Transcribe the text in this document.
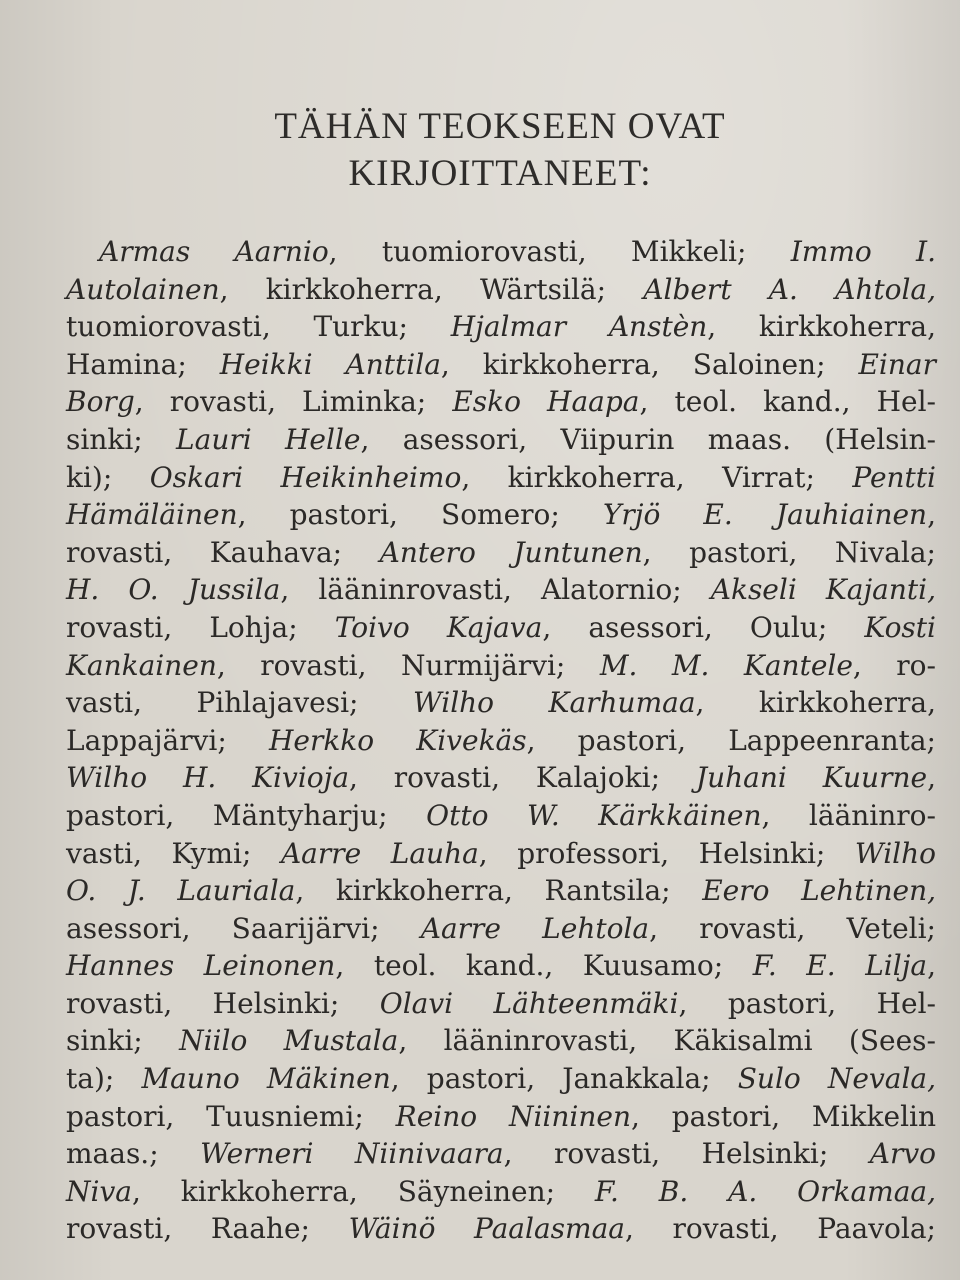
TÄHÄN TEOKSEEN OVAT
KIRJOITTANEET:
Armas Aarnio, tuomiorovasti, Mikkeli; Immo I.
Autolainen, kirkkoherra, Wärtsilä; Albert A. Ahtola,
tuomiorovasti, Turku; Hjalmar Anstèn, kirkkoherra,
Hamina; Heikki Anttila, kirkkoherra, Saloinen; Einar
Borg, rovasti, Liminka; Esko Haapa, teol. kand., Hel-
sinki; Lauri Helle, asessori, Viipurin maas. (Helsin-
ki); Oskari Heikinheimo, kirkkoherra, Virrat; Pentti
Hämäläinen, pastori, Somero; Yrjö E. Jauhiainen,
rovasti, Kauhava; Antero Juntunen, pastori, Nivala;
H. O. Jussila, lääninrovasti, Alatornio; Akseli Kajanti,
rovasti, Lohja; Toivo Kajava, asessori, Oulu; Kosti
Kankainen, rovasti, Nurmijärvi; M. M. Kantele, ro-
vasti, Pihlajavesi; Wilho Karhumaa, kirkkoherra,
Lappajärvi; Herkko Kivekäs, pastori, Lappeenranta;
Wilho H. Kivioja, rovasti, Kalajoki; Juhani Kuurne,
pastori, Mäntyharju; Otto W. Kärkkäinen, lääninro-
vasti, Kymi; Aarre Lauha, professori, Helsinki; Wilho
O. J. Lauriala, kirkkoherra, Rantsila; Eero Lehtinen,
asessori, Saarijärvi; Aarre Lehtola, rovasti, Veteli;
Hannes Leinonen, teol. kand., Kuusamo; F. E. Lilja,
rovasti, Helsinki; Olavi Lähteenmäki, pastori, Hel-
sinki; Niilo Mustala, lääninrovasti, Käkisalmi (Sees-
ta); Mauno Mäkinen, pastori, Janakkala; Sulo Nevala,
pastori, Tuusniemi; Reino Niininen, pastori, Mikkelin
maas.; Werneri Niinivaara, rovasti, Helsinki; Arvo
Niva, kirkkoherra, Säyneinen; F. B. A. Orkamaa,
rovasti, Raahe; Wäinö Paalasmaa, rovasti, Paavola;
